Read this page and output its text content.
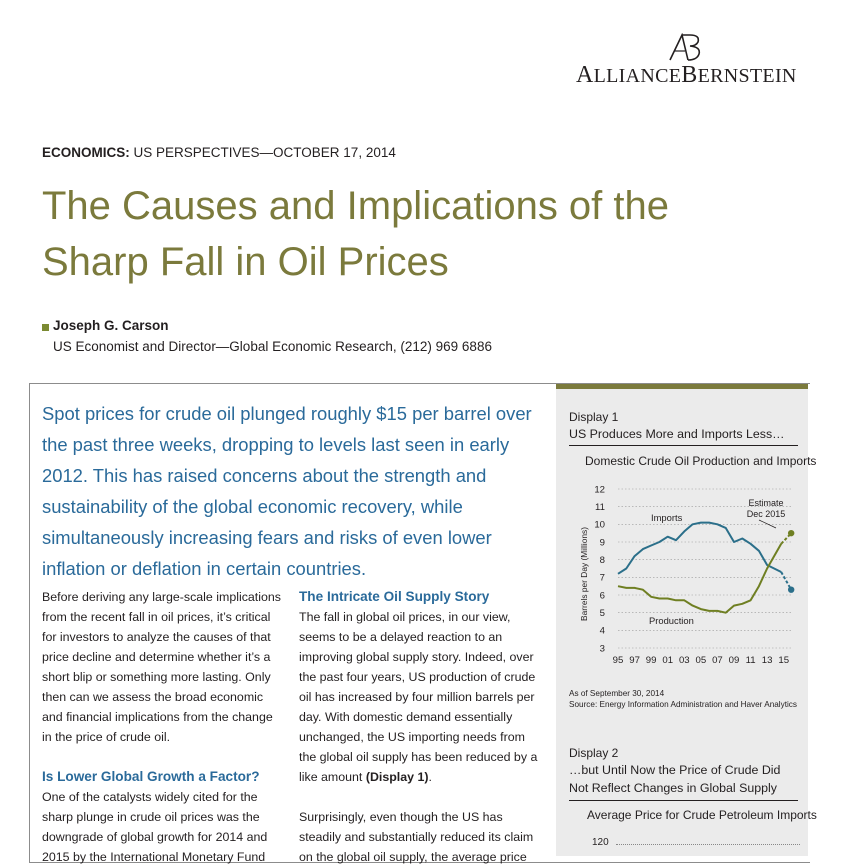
ALLIANCEBERNSTEIN
ECONOMICS: US PERSPECTIVES—OCTOBER 17, 2014
The Causes and Implications of the
Sharp Fall in Oil Prices
Joseph G. Carson
US Economist and Director—Global Economic Research, (212) 969 6886
Spot prices for crude oil plunged roughly $15 per barrel over the past three weeks, dropping to levels last seen in early 2012. This has raised concerns about the strength and sustainability of the global economic recovery, while simultaneously increasing fears and risks of even lower inflation or deflation in certain countries.

Before deriving any large-scale implications from the recent fall in oil prices, it’s critical for investors to analyze the causes of that price decline and determine whether it’s a short blip or something more lasting. Only then can we assess the broad economic and financial implications from the change in the price of crude oil.

Is Lower Global Growth a Factor?

One of the catalysts widely cited for the sharp plunge in crude oil prices was the downgrade of global growth for 2014 and 2015 by the International Monetary Fund

The Intricate Oil Supply Story

The fall in global oil prices, in our view, seems to be a delayed reaction to an improving global supply story. Indeed, over the past four years, US production of crude oil has increased by four million barrels per day. With domestic demand essentially unchanged, the US importing needs from the global oil supply has been reduced by a like amount (Display 1).

Surprisingly, even though the US has steadily and substantially reduced its claim on the global oil supply, the average price

Display 1
US Produces More and Imports Less…
Domestic Crude Oil Production and Imports
12
11
10
9
8
7
6
5
4
3
95 97 99 01 03 05 07 09 11 13 15
Barrels per Day (Millions)
Imports
Production
Estimate
Dec 2015
As of September 30, 2014
Source: Energy Information Administration and Haver Analytics
Display 2
…but Until Now the Price of Crude Did
Not Reflect Changes in Global Supply
Average Price for Crude Petroleum Imports
120
